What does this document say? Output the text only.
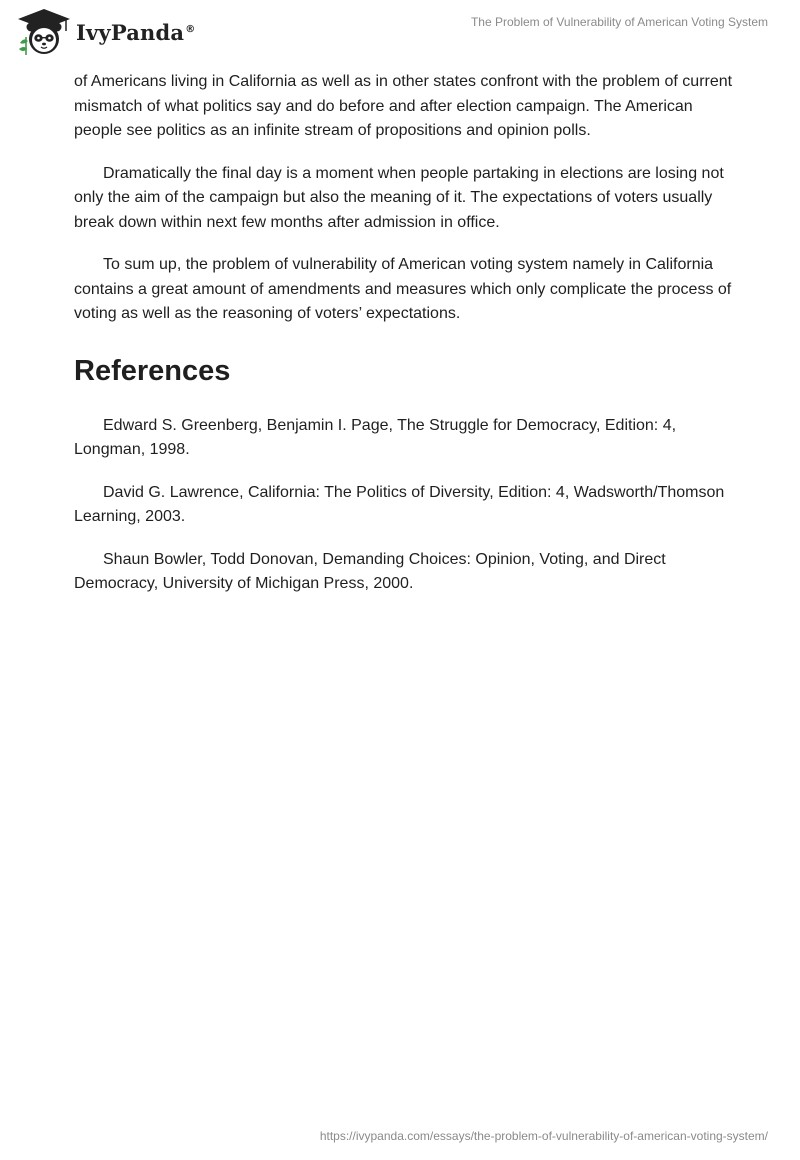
IvyPanda®	The Problem of Vulnerability of American Voting System

of Americans living in California as well as in other states confront with the problem of current mismatch of what politics say and do before and after election campaign. The American people see politics as an infinite stream of propositions and opinion polls.

Dramatically the final day is a moment when people partaking in elections are losing not only the aim of the campaign but also the meaning of it. The expectations of voters usually break down within next few months after admission in office.

To sum up, the problem of vulnerability of American voting system namely in California contains a great amount of amendments and measures which only complicate the process of voting as well as the reasoning of voters’ expectations.

References

Edward S. Greenberg, Benjamin I. Page, The Struggle for Democracy, Edition: 4, Longman, 1998.

David G. Lawrence, California: The Politics of Diversity, Edition: 4, Wadsworth/Thomson Learning, 2003.

Shaun Bowler, Todd Donovan, Demanding Choices: Opinion, Voting, and Direct Democracy, University of Michigan Press, 2000.

https://ivypanda.com/essays/the-problem-of-vulnerability-of-american-voting-system/
